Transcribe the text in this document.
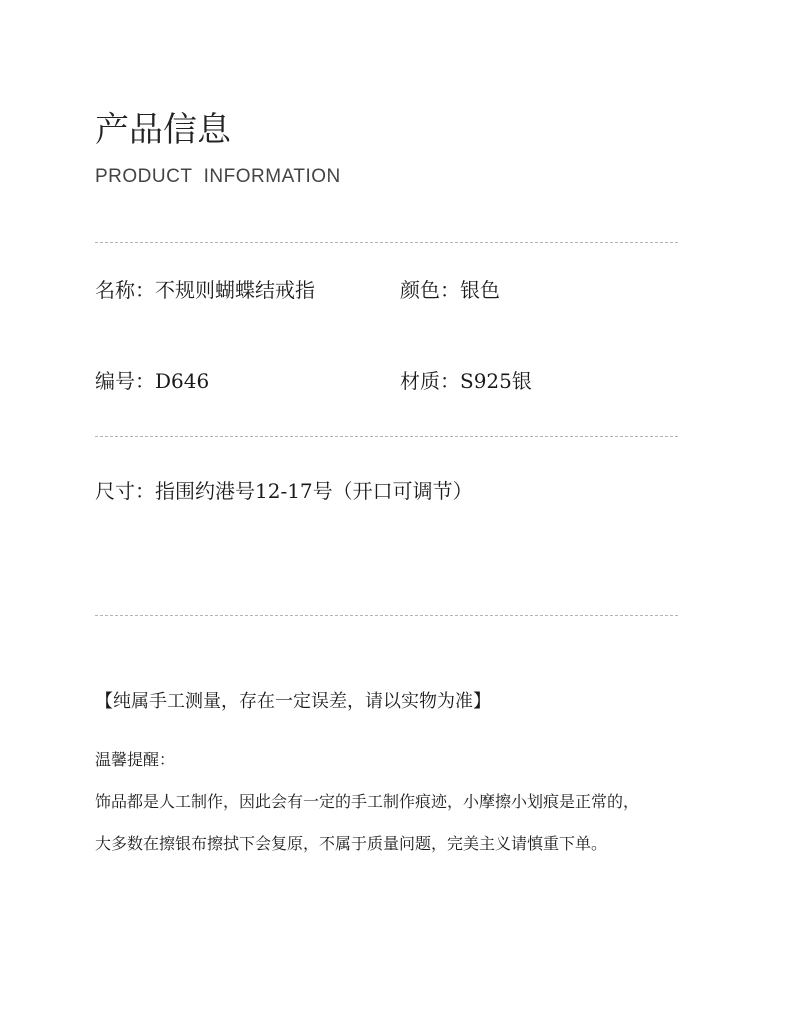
产品信息
PRODUCT  INFORMATION
名称：不规则蝴蝶结戒指	颜色：银色
编号：D646	材质：S925银
尺寸：指围约港号12-17号（开口可调节）
【纯属手工测量，存在一定误差，请以实物为准】
温馨提醒：
饰品都是人工制作，因此会有一定的手工制作痕迹，小摩擦小划痕是正常的，
大多数在擦银布擦拭下会复原，不属于质量问题，完美主义请慎重下单。
